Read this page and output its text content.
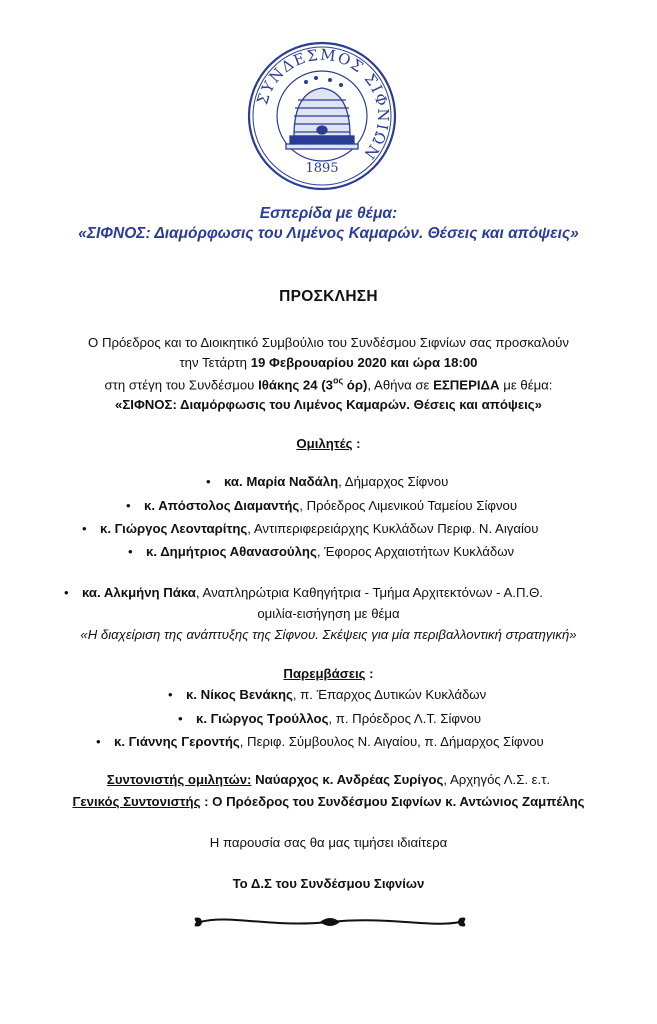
ΣΥΝΔΕΣΜΟΣ ΣΙΦΝΙΩΝ
1895
Εσπερίδα με θέμα:
«ΣΙΦΝΟΣ: Διαμόρφωσις του Λιμένος Καμαρών. Θέσεις και απόψεις»
ΠΡΟΣΚΛΗΣΗ
Ο Πρόεδρος και το Διοικητικό Συμβούλιο του Συνδέσμου Σιφνίων σας προσκαλούν
την Τετάρτη 19 Φεβρουαρίου 2020 και ώρα 18:00
στη στέγη του Συνδέσμου Ιθάκης 24 ($3^{o\varsigma}$ όρ), Αθήνα σε ΕΣΠΕΡΙΔΑ με θέμα:
«ΣΙΦΝΟΣ: Διαμόρφωσις του Λιμένος Καμαρών. Θέσεις και απόψεις»
Ομιλητές :
• κα. Μαρία Ναδάλη, Δήμαρχος Σίφνου
• κ. Απόστολος Διαμαντής, Πρόεδρος Λιμενικού Ταμείου Σίφνου
• κ. Γιώργος Λεονταρίτης, Αντιπεριφερειάρχης Κυκλάδων Περιφ. Ν. Αιγαίου
• κ. Δημήτριος Αθανασούλης, Έφορος Αρχαιοτήτων Κυκλάδων
• κα. Αλκμήνη Πάκα, Αναπληρώτρια Καθηγήτρια - Τμήμα Αρχιτεκτόνων - Α.Π.Θ.
ομιλία-εισήγηση με θέμα
«Η διαχείριση της ανάπτυξης της Σίφνου. Σκέψεις για μία περιβαλλοντική στρατηγική»
Παρεμβάσεις :
• κ. Νίκος Βενάκης, π. Έπαρχος Δυτικών Κυκλάδων
• κ. Γιώργος Τρούλλος, π. Πρόεδρος Λ.Τ. Σίφνου
• κ. Γιάννης Γεροντής, Περιφ. Σύμβουλος Ν. Αιγαίου, π. Δήμαρχος Σίφνου
Συντονιστής ομιλητών: Ναύαρχος κ. Ανδρέας Συρίγος, Αρχηγός Λ.Σ. ε.τ.
Γενικός Συντονιστής : Ο Πρόεδρος του Συνδέσμου Σιφνίων κ. Αντώνιος Ζαμπέλης
Η παρουσία σας θα μας τιμήσει ιδιαίτερα
Το Δ.Σ του Συνδέσμου Σιφνίων
